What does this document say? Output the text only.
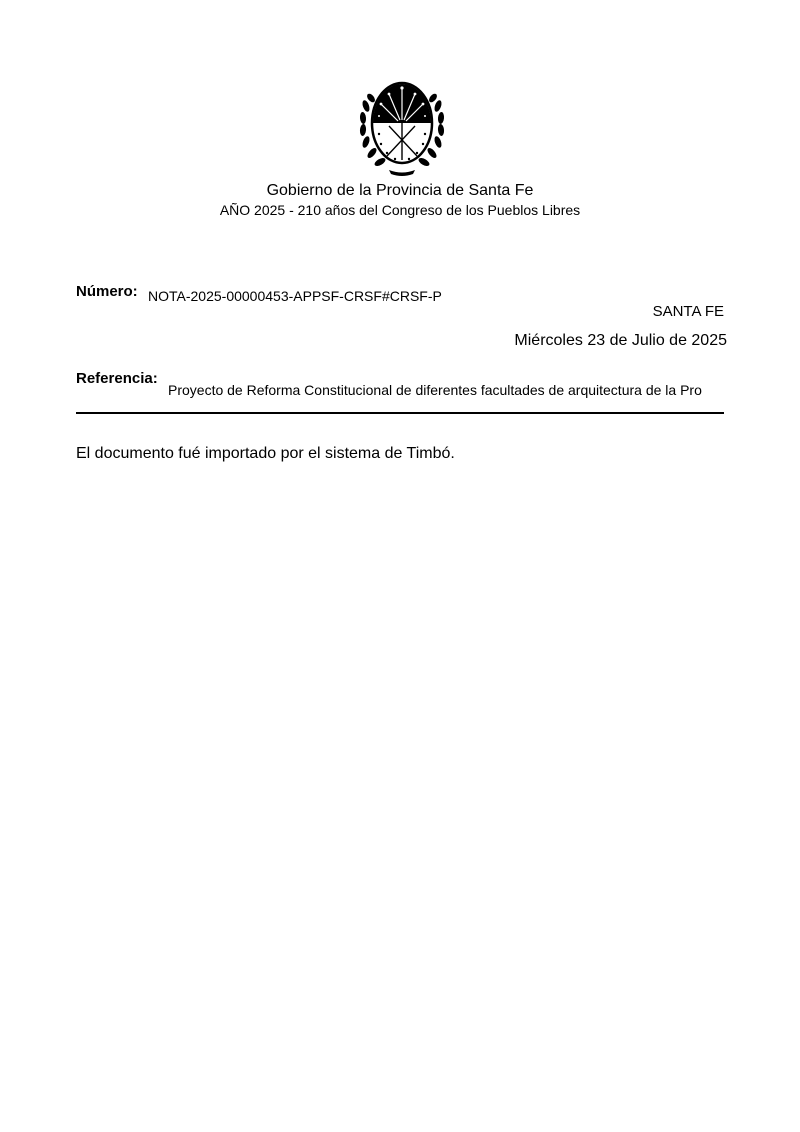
Gobierno de la Provincia de Santa Fe
AÑO 2025 - 210 años del Congreso de los Pueblos Libres
Número: NOTA-2025-00000453-APPSF-CRSF#CRSF-P
SANTA FE
Miércoles 23 de Julio de 2025
Referencia:
Proyecto de Reforma Constitucional de diferentes facultades de arquitectura de la Pro
El documento fué importado por el sistema de Timbó.
